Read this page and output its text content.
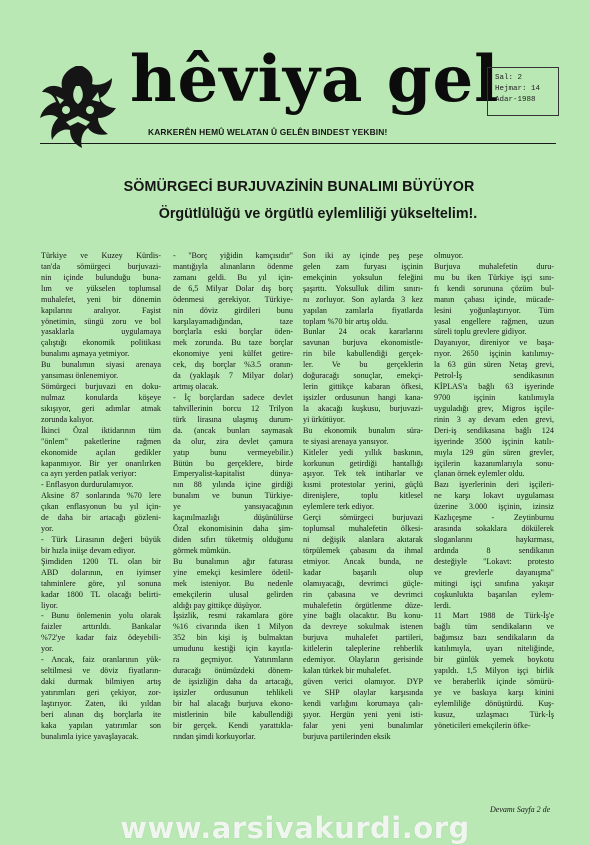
hêviya gel
Sal: 2
Hejmar: 14
Adar-1988
KARKERÊN HEMÛ WELATAN Û GELÊN BINDEST YEKBIN!
SÖMÜRGECİ BURJUVAZİNİN BUNALIMI BÜYÜYOR
Örgütlülüğü ve örgütlü eylemliliği yükseltelim!.
Türkiye ve Kuzey Kürdis-
tan'da sömürgeci burjuvazi-
nin içinde bulunduğu buna-
lım ve yükselen toplumsal
muhalefet, yeni bir dönemin
kapılarını aralıyor. Faşist
yönetimin, süngü zoru ve bol
yasaklarla uygulamaya
çalıştığı ekonomik politikası
bunalımı aşmaya yetmiyor.
Bu bunalımın siyasi arenaya
yansıması önlenemiyor.
Sömürgeci burjuvazi en doku-
nulmaz konularda köşeye
sıkışıyor, geri adımlar atmak
zorunda kalıyor.
İkinci Özal iktidarının tüm
"önlem" paketlerine rağmen
ekonomide açılan gedikler
kapanmıyor. Bir yer onarılırken
ca ayrı yerden patlak veriyor:
- Enflasyon durdurulamıyor.
Aksine 87 sonlarında %70 lere
çıkan enflasyonun bu yıl için-
de daha bir artacağı gözleni-
yor.
- Türk Lirasının değeri büyük
bir hızla iniişe devam ediyor.
Şimdiden 1200 TL olan bir
ABD dolarının, en iyimser
tahminlere göre, yıl sonuna
kadar 1800 TL olacağı belirti-
liyor.
- Bunu önlemenin yolu olarak
faizler arttırıldı. Bankalar
%72'ye kadar faiz ödeyebili-
yor.
- Ancak, faiz oranlarının yük-
seltilmesi ve döviz fiyatların-
daki durmak bilmiyen artış
yatırımları geri çekiyor, zor-
laştırıyor. Zaten, iki yıldan
beri alınan dış borçlarla ite
kaka yapılan yatırımlar son
bunalımla iyice yavaşlayacak.
- "Borç yiğidin kamçısıdır"
mantığıyla alınanların ödenme
zamanı geldi. Bu yıl için-
de 6,5 Milyar Dolar dış borç
ödenmesi gerekiyor. Türkiye-
nin döviz girdileri bunu
karşılayamadığından, taze
borçlarla eski borçlar öden-
mek zorunda. Bu taze borçlar
ekonomiye yeni külfet getire-
cek, dış borçlar %3.5 oranın-
da (yaklaşık 7 Milyar dolar)
artmış olacak.
- İç borçlardan sadece devlet
tahvillerinin borcu 12 Trilyon
türk lirasına ulaşmış durum-
da. (ancak bunları saymasak
da olur, zira devlet çamura
yatıp bunu vermeyebilir.)
Bütün bu gerçeklere, birde
Emperyalist-kapitalist dünya-
nın 88 yılında içine girdiği
bunalım ve bunun Türkiye-
ye yansıyacağının
kaçınılmazlığı düşünülürse
Özal ekonomisinin daha şim-
diden sıfırı tüketmiş olduğunu
görmek mümkün.
Bu bunalımın ağır faturası
yine emekçi kesimlere ödetil-
mek isteniyor. Bu nedenle
emekçilerin ulusal gelirden
aldığı pay gittikçe düşüyor.
İşsizlik, resmi rakamlara göre
%16 civarında iken 1 Milyon
352 bin kişi iş bulmaktan
umudunu kestiği için kayıtla-
ra geçmiyor. Yatırımların
duracağı önümüzdeki dönem-
de işsizliğin daha da artacağı,
işsizler ordusunun tehlikeli
bir hal alacağı burjuva ekono-
mistlerinin bile kabullendiği
bir gerçek. Kendi yarattıkla-
rından şimdi korkuyorlar.
Son iki ay içinde peş peşe
gelen zam furyası işçinin
emekçinin yoksulun feleğini
şaşırttı. Yoksulluk dilim sınırı-
nı zorluyor. Son aylarda 3 kez
yapılan zamlarla fiyatlarda
toplam %70 bir artış oldu.
Bunlar 24 ocak kararlarını
savunan burjuva ekonomistle-
rin bile kabullendiği gerçek-
ler. Ve bu gerçeklerin
doğuracağı sonuçlar, emekçi-
lerin gittikçe kabaran öfkesi,
işsizler ordusunun hangi kana-
la akacağı kuşkusu, burjuvazi-
yi ürkütüyor.
Bu ekonomik bunalım süra-
te siyasi arenaya yansıyor.
Kitleler yedi yıllık baskının,
korkunun getirdiği hantallığı
aşıyor. Tek tek intiharlar ve
kısmi protestolar yerini, güçlü
direnişlere, toplu kitlesel
eylemlere terk ediyor.
Gerçi sömürgeci burjuvazi
toplumsal muhalefetin ölkesi-
ni değişik alanlara akıtarak
törpülemek çabasını da ihmal
etmiyor. Ancak bunda, ne
kadar başarılı olup
olamıyacağı, devrimci güçle-
rin çabasına ve devrimci
muhalefetin örgütlenme düze-
yine bağlı olacaktır. Bu konu-
da devreye sokulmak istenen
burjuva muhalefet partileri,
kitlelerin taleplerine rehberlik
edemiyor. Olayların gerisinde
kalan türkek bir muhalefet.
güven verici olamıyor. DYP
ve SHP olaylar karşısında
kendi varlığını korumaya çalı-
şıyor. Hergün yeni yeni isti-
falar yeni yeni bunalımlar
burjuva partilerinden eksik
olmuyor.
Burjuva muhalefetin duru-
mu bu iken Türkiye işçi sını-
fı kendi sorununa çözüm bul-
manın çabası içinde, mücade-
lesini yoğunlaştırıyor. Tüm
yasal engellere rağmen, uzun
süreli toplu grevlere gidiyor.
Dayanıyor, direniyor ve başa-
rıyor. 2650 işçinin katılımıy-
la 63 gün süren Netaş grevi,
Petrol-İş sendikasının
KİPLAS'a bağlı 63 işyerinde
9700 işçinin katılımıyla
uyguladığı grev, Migros işçile-
rinin 3 ay devam eden grevi,
Deri-iş sendikasına bağlı 124
işyerinde 3500 işçinin katılı-
mıyla 129 gün süren grevler,
işçilerin kazanımlarıyla sonu-
çlanan örnek eylemler oldu.
Bazı işyerlerinin deri işçileri-
ne karşı lokavt uygulaması
üzerine 3.000 işçinin, izinsiz
Kazlıçeşme - Zeytinburnu
arasında sokaklara dökülerek
sloganlarını haykırması,
ardında 8 sendikanın
desteğiyle "Lokavt: protesto
ve grevlerle dayanışma"
mitingi işçi sınıfına yakışır
coşkunlukta başarılan eylem-
lerdi.
11 Mart 1988 de Türk-İş'e
bağlı tüm sendikaların ve
bağımsız bazı sendikaların da
katılımıyla, uyarı niteliğinde,
bir günlük yemek boykotu
yapıldı. 1,5 Milyon işçi birlik
ve beraberlik içinde sömürü-
ye ve baskıya karşı kinini
eylemliliğe dönüştürdü. Kuş-
kusuz, uzlaşmacı Türk-İş
yöneticileri emekçilerin öfke-
Devamı Sayfa 2 de
www.arsivakurdi.org
